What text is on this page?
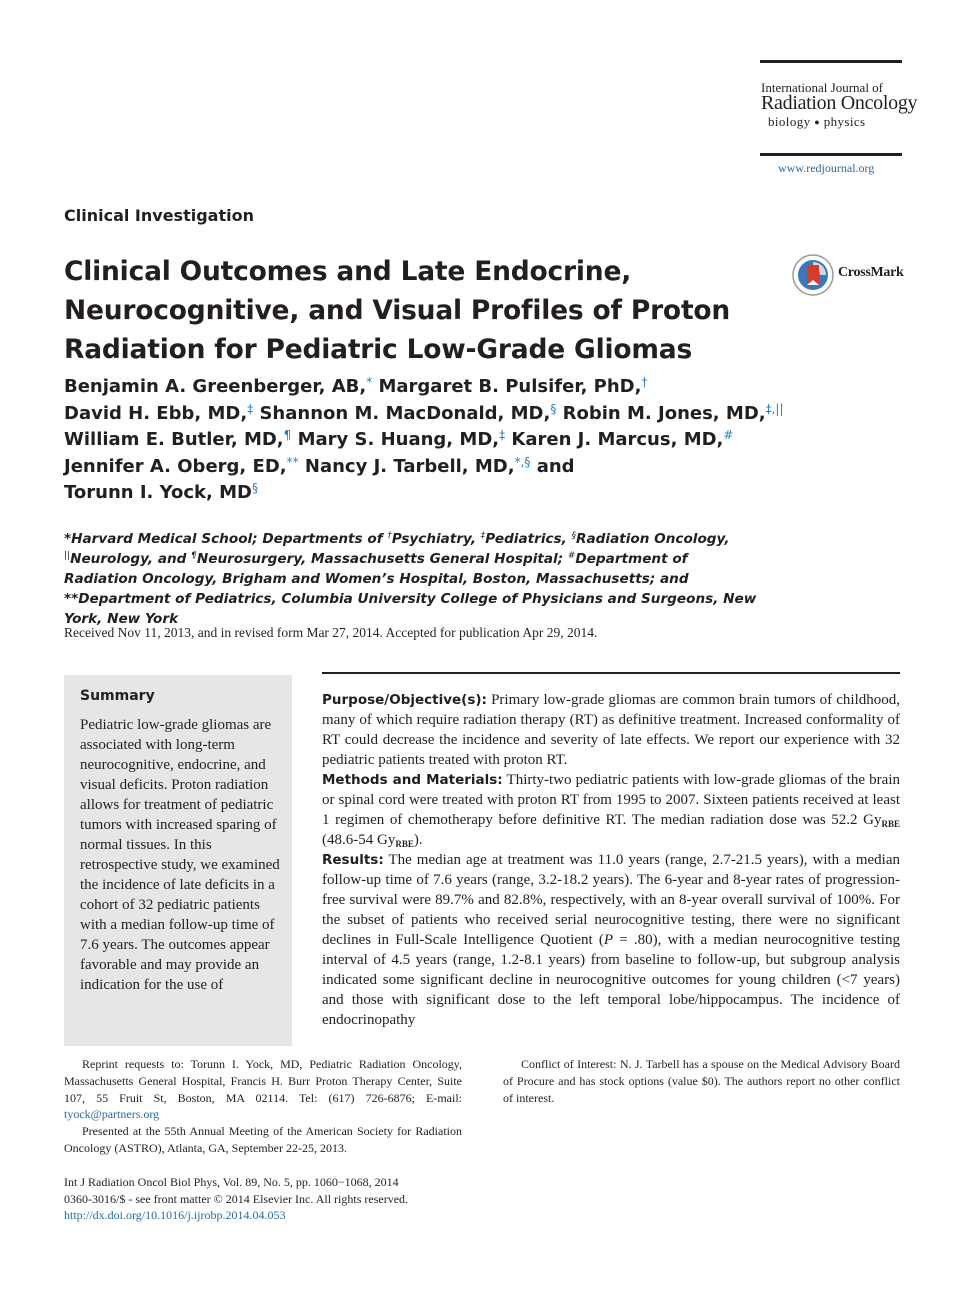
International Journal of
Radiation Oncology
biology ● physics
www.redjournal.org
Clinical Investigation
Clinical Outcomes and Late Endocrine, Neurocognitive, and Visual Profiles of Proton Radiation for Pediatric Low-Grade Gliomas
CrossMark
Benjamin A. Greenberger, AB,* Margaret B. Pulsifer, PhD,†
David H. Ebb, MD,‡ Shannon M. MacDonald, MD,§ Robin M. Jones, MD,‡,||
William E. Butler, MD,¶ Mary S. Huang, MD,‡ Karen J. Marcus, MD,#
Jennifer A. Oberg, ED,** Nancy J. Tarbell, MD,*,§ and
Torunn I. Yock, MD§
*Harvard Medical School; Departments of †Psychiatry, ‡Pediatrics, §Radiation Oncology, ||Neurology, and ¶Neurosurgery, Massachusetts General Hospital; #Department of Radiation Oncology, Brigham and Women’s Hospital, Boston, Massachusetts; and **Department of Pediatrics, Columbia University College of Physicians and Surgeons, New York, New York
Received Nov 11, 2013, and in revised form Mar 27, 2014. Accepted for publication Apr 29, 2014.
Summary
Pediatric low-grade gliomas are associated with long-term neurocognitive, endocrine, and visual deficits. Proton radiation allows for treatment of pediatric tumors with increased sparing of normal tissues. In this retrospective study, we examined the incidence of late deficits in a cohort of 32 pediatric patients with a median follow-up time of 7.6 years. The outcomes appear favorable and may provide an indication for the use of

Purpose/Objective(s): Primary low-grade gliomas are common brain tumors of childhood, many of which require radiation therapy (RT) as definitive treatment. Increased conformality of RT could decrease the incidence and severity of late effects. We report our experience with 32 pediatric patients treated with proton RT.

Methods and Materials: Thirty-two pediatric patients with low-grade gliomas of the brain or spinal cord were treated with proton RT from 1995 to 2007. Sixteen patients received at least 1 regimen of chemotherapy before definitive RT. The median radiation dose was 52.2 $Gy_{RBE}$ (48.6-54 $Gy_{RBE}$).

Results: The median age at treatment was 11.0 years (range, 2.7-21.5 years), with a median follow-up time of 7.6 years (range, 3.2-18.2 years). The 6-year and 8-year rates of progression-free survival were 89.7% and 82.8%, respectively, with an 8-year overall survival of 100%. For the subset of patients who received serial neurocognitive testing, there were no significant declines in Full-Scale Intelligence Quotient (P = .80), with a median neurocognitive testing interval of 4.5 years (range, 1.2-8.1 years) from baseline to follow-up, but subgroup analysis indicated some significant decline in neurocognitive outcomes for young children (<7 years) and those with significant dose to the left temporal lobe/hippocampus. The incidence of endocrinopathy

Reprint requests to: Torunn I. Yock, MD, Pediatric Radiation Oncology, Massachusetts General Hospital, Francis H. Burr Proton Therapy Center, Suite 107, 55 Fruit St, Boston, MA 02114. Tel: (617) 726-6876; E-mail: tyock@partners.org

Presented at the 55th Annual Meeting of the American Society for Radiation Oncology (ASTRO), Atlanta, GA, September 22-25, 2013.

Conflict of Interest: N. J. Tarbell has a spouse on the Medical Advisory Board of Procure and has stock options (value $0). The authors report no other conflict of interest.

Int J Radiation Oncol Biol Phys, Vol. 89, No. 5, pp. 1060−1068, 2014
0360-3016/$ - see front matter © 2014 Elsevier Inc. All rights reserved.
http://dx.doi.org/10.1016/j.ijrobp.2014.04.053
